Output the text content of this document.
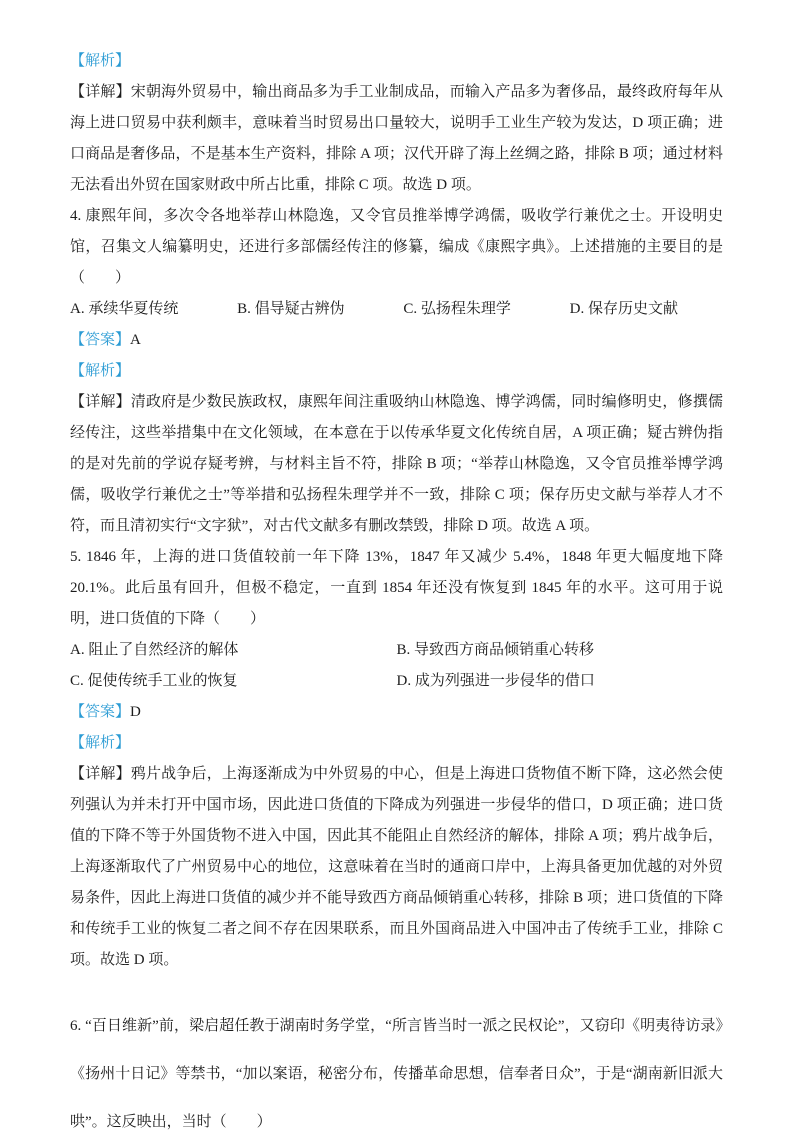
【解析】

【详解】宋朝海外贸易中，输出商品多为手工业制成品，而输入产品多为奢侈品，最终政府每年从海上进口贸易中获利颇丰，意味着当时贸易出口量较大，说明手工业生产较为发达，D 项正确；进口商品是奢侈品，不是基本生产资料，排除 A 项；汉代开辟了海上丝绸之路，排除 B 项；通过材料无法看出外贸在国家财政中所占比重，排除 C 项。故选 D 项。

4. 康熙年间，多次令各地举荐山林隐逸，又令官员推举博学鸿儒，吸收学行兼优之士。开设明史馆，召集文人编纂明史，还进行多部儒经传注的修纂，编成《康熙字典》。上述措施的主要目的是（　　）

A. 承续华夏传统	B. 倡导疑古辨伪	C. 弘扬程朱理学	D. 保存历史文献

【答案】A

【解析】

【详解】清政府是少数民族政权，康熙年间注重吸纳山林隐逸、博学鸿儒，同时编修明史，修撰儒经传注，这些举措集中在文化领域，在本意在于以传承华夏文化传统自居，A 项正确；疑古辨伪指的是对先前的学说存疑考辨，与材料主旨不符，排除 B 项；“举荐山林隐逸，又令官员推举博学鸿儒，吸收学行兼优之士”等举措和弘扬程朱理学并不一致，排除 C 项；保存历史文献与举荐人才不符，而且清初实行“文字狱”，对古代文献多有删改禁毁，排除 D 项。故选 A 项。

5. 1846 年，上海的进口货值较前一年下降 13%，1847 年又减少 5.4%，1848 年更大幅度地下降 20.1%。此后虽有回升，但极不稳定，一直到 1854 年还没有恢复到 1845 年的水平。这可用于说明，进口货值的下降（　　）

A. 阻止了自然经济的解体	B. 导致西方商品倾销重心转移
C. 促使传统手工业的恢复	D. 成为列强进一步侵华的借口

【答案】D

【解析】

【详解】鸦片战争后，上海逐渐成为中外贸易的中心，但是上海进口货物值不断下降，这必然会使列强认为并未打开中国市场，因此进口货值的下降成为列强进一步侵华的借口，D 项正确；进口货值的下降不等于外国货物不进入中国，因此其不能阻止自然经济的解体，排除 A 项；鸦片战争后，上海逐渐取代了广州贸易中心的地位，这意味着在当时的通商口岸中，上海具备更加优越的对外贸易条件，因此上海进口货值的减少并不能导致西方商品倾销重心转移，排除 B 项；进口货值的下降和传统手工业的恢复二者之间不存在因果联系，而且外国商品进入中国冲击了传统手工业，排除 C 项。故选 D 项。

6. “百日维新”前，梁启超任教于湖南时务学堂，“所言皆当时一派之民权论”，又窃印《明夷待访录》《扬州十日记》等禁书，“加以案语，秘密分布，传播革命思想，信奉者日众”，于是“湖南新旧派大哄”。这反映出，当时（　　）
